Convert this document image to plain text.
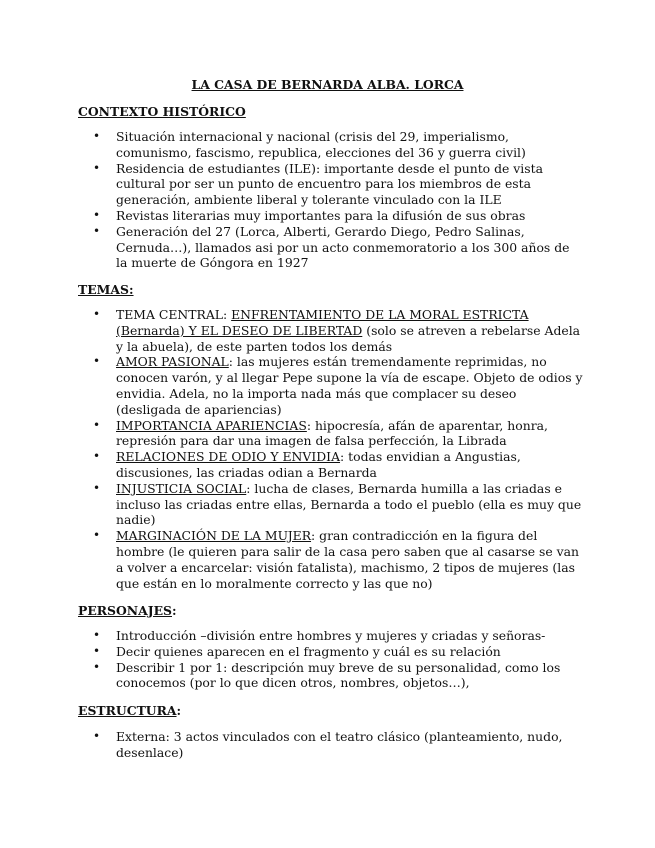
LA CASA DE BERNARDA ALBA. LORCA
CONTEXTO HISTÓRICO
• Situación internacional y nacional (crisis del 29, imperialismo, comunismo, fascismo, republica, elecciones del 36 y guerra civil)
• Residencia de estudiantes (ILE): importante desde el punto de vista cultural por ser un punto de encuentro para los miembros de esta generación, ambiente liberal y tolerante vinculado con la ILE
• Revistas literarias muy importantes para la difusión de sus obras
• Generación del 27 (Lorca, Alberti, Gerardo Diego, Pedro Salinas, Cernuda…), llamados asi por un acto conmemoratorio a los 300 años de la muerte de Góngora en 1927
TEMAS:
• TEMA CENTRAL: ENFRENTAMIENTO DE LA MORAL ESTRICTA (Bernarda) Y EL DESEO DE LIBERTAD (solo se atreven a rebelarse Adela y la abuela), de este parten todos los demás
• AMOR PASIONAL: las mujeres están tremendamente reprimidas, no conocen varón, y al llegar Pepe supone la vía de escape. Objeto de odios y envidia. Adela, no la importa nada más que complacer su deseo (desligada de apariencias)
• IMPORTANCIA APARIENCIAS: hipocresía, afán de aparentar, honra, represión para dar una imagen de falsa perfección, la Librada
• RELACIONES DE ODIO Y ENVIDIA: todas envidian a Angustias, discusiones, las criadas odian a Bernarda
• INJUSTICIA SOCIAL: lucha de clases, Bernarda humilla a las criadas e incluso las criadas entre ellas, Bernarda a todo el pueblo (ella es muy que nadie)
• MARGINACIÓN DE LA MUJER: gran contradicción en la figura del hombre (le quieren para salir de la casa pero saben que al casarse se van a volver a encarcelar: visión fatalista), machismo, 2 tipos de mujeres (las que están en lo moralmente correcto y las que no)
PERSONAJES:
• Introducción –división entre hombres y mujeres y criadas y señoras-
• Decir quienes aparecen en el fragmento y cuál es su relación
• Describir 1 por 1: descripción muy breve de su personalidad, como los conocemos (por lo que dicen otros, nombres, objetos…),
ESTRUCTURA:
• Externa: 3 actos vinculados con el teatro clásico (planteamiento, nudo, desenlace)
